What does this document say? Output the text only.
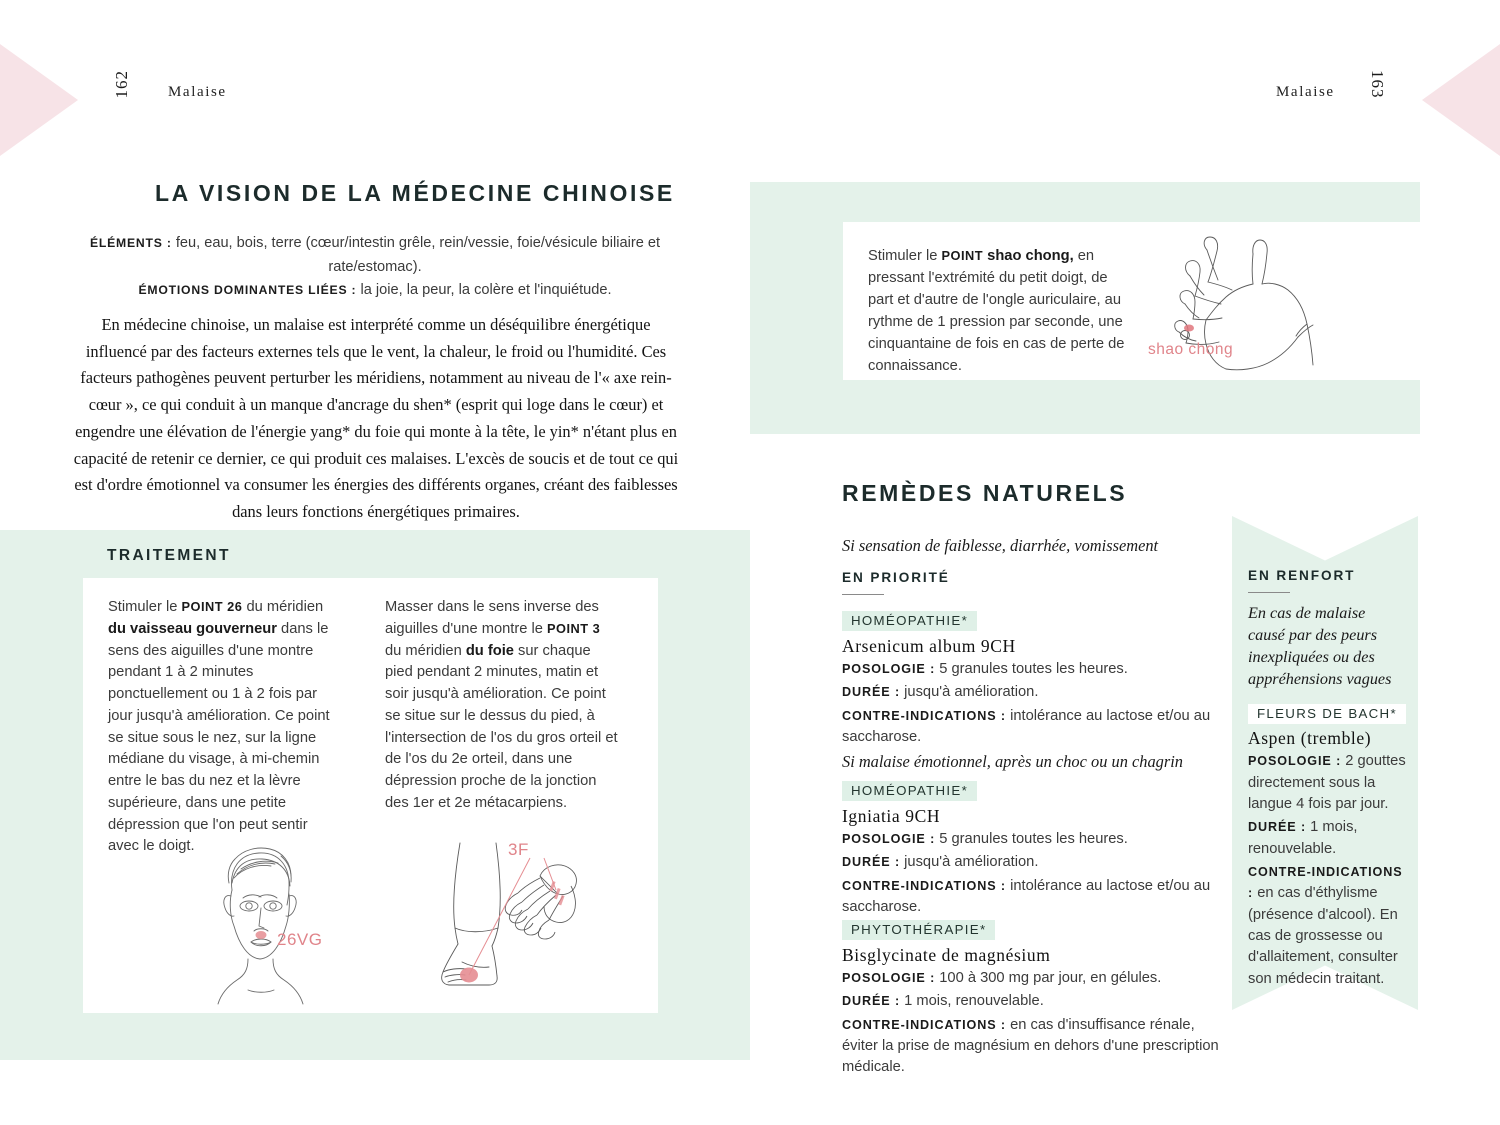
162 Malaise	Malaise 163
LA VISION DE LA MÉDECINE CHINOISE
ÉLÉMENTS : feu, eau, bois, terre (cœur/intestin grêle, rein/vessie, foie/vésicule biliaire et rate/estomac).
ÉMOTIONS DOMINANTES LIÉES : la joie, la peur, la colère et l'inquiétude.

En médecine chinoise, un malaise est interprété comme un déséquilibre énergétique influencé par des facteurs externes tels que le vent, la chaleur, le froid ou l'humidité. Ces facteurs pathogènes peuvent perturber les méridiens, notamment au niveau de l'« axe rein-cœur », ce qui conduit à un manque d'ancrage du shen* (esprit qui loge dans le cœur) et engendre une élévation de l'énergie yang* du foie qui monte à la tête, le yin* n'étant plus en capacité de retenir ce dernier, ce qui produit ces malaises. L'excès de soucis et de tout ce qui est d'ordre émotionnel va consumer les énergies des différents organes, créant des faiblesses dans leurs fonctions énergétiques primaires.

TRAITEMENT
Stimuler le POINT 26 du méridien du vaisseau gouverneur dans le sens des aiguilles d'une montre pendant 1 à 2 minutes ponctuellement ou 1 à 2 fois par jour jusqu'à amélioration. Ce point se situe sous le nez, sur la ligne médiane du visage, à mi-chemin entre le bas du nez et la lèvre supérieure, dans une petite dépression que l'on peut sentir avec le doigt.
Masser dans le sens inverse des aiguilles d'une montre le POINT 3 du méridien du foie sur chaque pied pendant 2 minutes, matin et soir jusqu'à amélioration. Ce point se situe sur le dessus du pied, à l'intersection de l'os du gros orteil et de l'os du 2e orteil, dans une dépression proche de la jonction des 1er et 2e métacarpiens.
26VG
3F
Stimuler le POINT shao chong, en pressant l'extrémité du petit doigt, de part et d'autre de l'ongle auriculaire, au rythme de 1 pression par seconde, une cinquantaine de fois en cas de perte de connaissance.
shao chong
REMÈDES NATURELS
Si sensation de faiblesse, diarrhée, vomissement
EN PRIORITÉ
HOMÉOPATHIE*
Arsenicum album 9CH
POSOLOGIE : 5 granules toutes les heures.
DURÉE : jusqu'à amélioration.
CONTRE-INDICATIONS : intolérance au lactose et/ou au saccharose.
Si malaise émotionnel, après un choc ou un chagrin
HOMÉOPATHIE*
Igniatia 9CH
POSOLOGIE : 5 granules toutes les heures.
DURÉE : jusqu'à amélioration.
CONTRE-INDICATIONS : intolérance au lactose et/ou au saccharose.
PHYTOTHÉRAPIE*
Bisglycinate de magnésium
POSOLOGIE : 100 à 300 mg par jour, en gélules.
DURÉE : 1 mois, renouvelable.
CONTRE-INDICATIONS : en cas d'insuffisance rénale, éviter la prise de magnésium en dehors d'une prescription médicale.
EN RENFORT
En cas de malaise causé par des peurs inexpliquées ou des appréhensions vagues
FLEURS DE BACH*
Aspen (tremble)
POSOLOGIE : 2 gouttes directement sous la langue 4 fois par jour.
DURÉE : 1 mois, renouvelable.
CONTRE-INDICATIONS : en cas d'éthylisme (présence d'alcool). En cas de grossesse ou d'allaitement, consulter son médecin traitant.
